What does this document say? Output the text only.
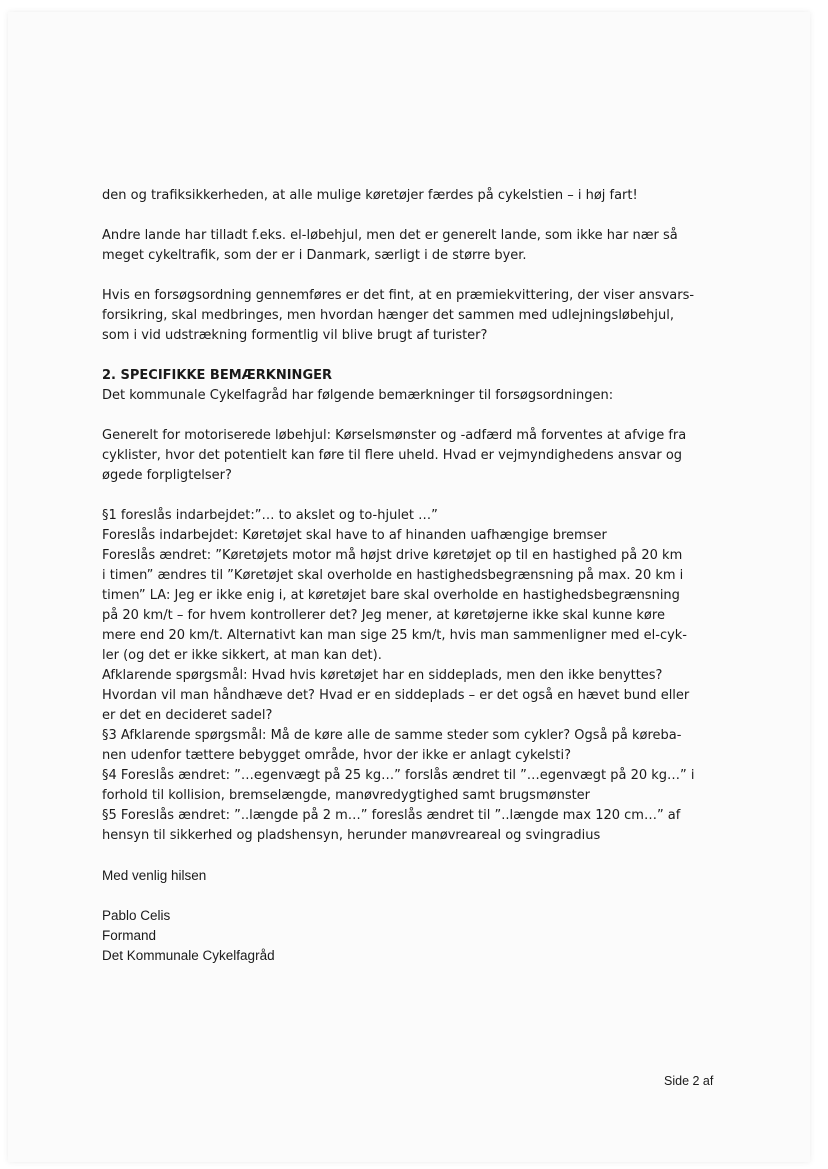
den og trafiksikkerheden, at alle mulige køretøjer færdes på cykelstien – i høj fart!

Andre lande har tilladt f.eks. el-løbehjul, men det er generelt lande, som ikke har nær så

meget cykeltrafik, som der er i Danmark, særligt i de større byer.

Hvis en forsøgsordning gennemføres er det fint, at en præmiekvittering, der viser ansvars-

forsikring, skal medbringes, men hvordan hænger det sammen med udlejningsløbehjul,

som i vid udstrækning formentlig vil blive brugt af turister?

2. SPECIFIKKE BEMÆRKNINGER

Det kommunale Cykelfagråd har følgende bemærkninger til forsøgsordningen:

Generelt for motoriserede løbehjul: Kørselsmønster og -adfærd må forventes at afvige fra

cyklister, hvor det potentielt kan føre til flere uheld. Hvad er vejmyndighedens ansvar og

øgede forpligtelser?

§1 foreslås indarbejdet:”… to akslet og to-hjulet …”

Foreslås indarbejdet: Køretøjet skal have to af hinanden uafhængige bremser

Foreslås ændret: ”Køretøjets motor må højst drive køretøjet op til en hastighed på 20 km

i timen” ændres til ”Køretøjet skal overholde en hastighedsbegrænsning på max. 20 km i

timen” LA: Jeg er ikke enig i, at køretøjet bare skal overholde en hastighedsbegrænsning

på 20 km/t – for hvem kontrollerer det? Jeg mener, at køretøjerne ikke skal kunne køre

mere end 20 km/t. Alternativt kan man sige 25 km/t, hvis man sammenligner med el-cyk-

ler (og det er ikke sikkert, at man kan det).

Afklarende spørgsmål: Hvad hvis køretøjet har en siddeplads, men den ikke benyttes?

Hvordan vil man håndhæve det? Hvad er en siddeplads – er det også en hævet bund eller

er det en decideret sadel?

§3 Afklarende spørgsmål: Må de køre alle de samme steder som cykler? Også på køreba-

nen udenfor tættere bebygget område, hvor der ikke er anlagt cykelsti?

§4 Foreslås ændret: ”…egenvægt på 25 kg…” forslås ændret til ”…egenvægt på 20 kg…” i

forhold til kollision, bremselængde, manøvredygtighed samt brugsmønster

§5 Foreslås ændret: ”..længde på 2 m…” foreslås ændret til ”..længde max 120 cm…” af

hensyn til sikkerhed og pladshensyn, herunder manøvreareal og svingradius

Med venlig hilsen

Pablo Celis

Formand

Det Kommunale Cykelfagråd

Side 2 af
